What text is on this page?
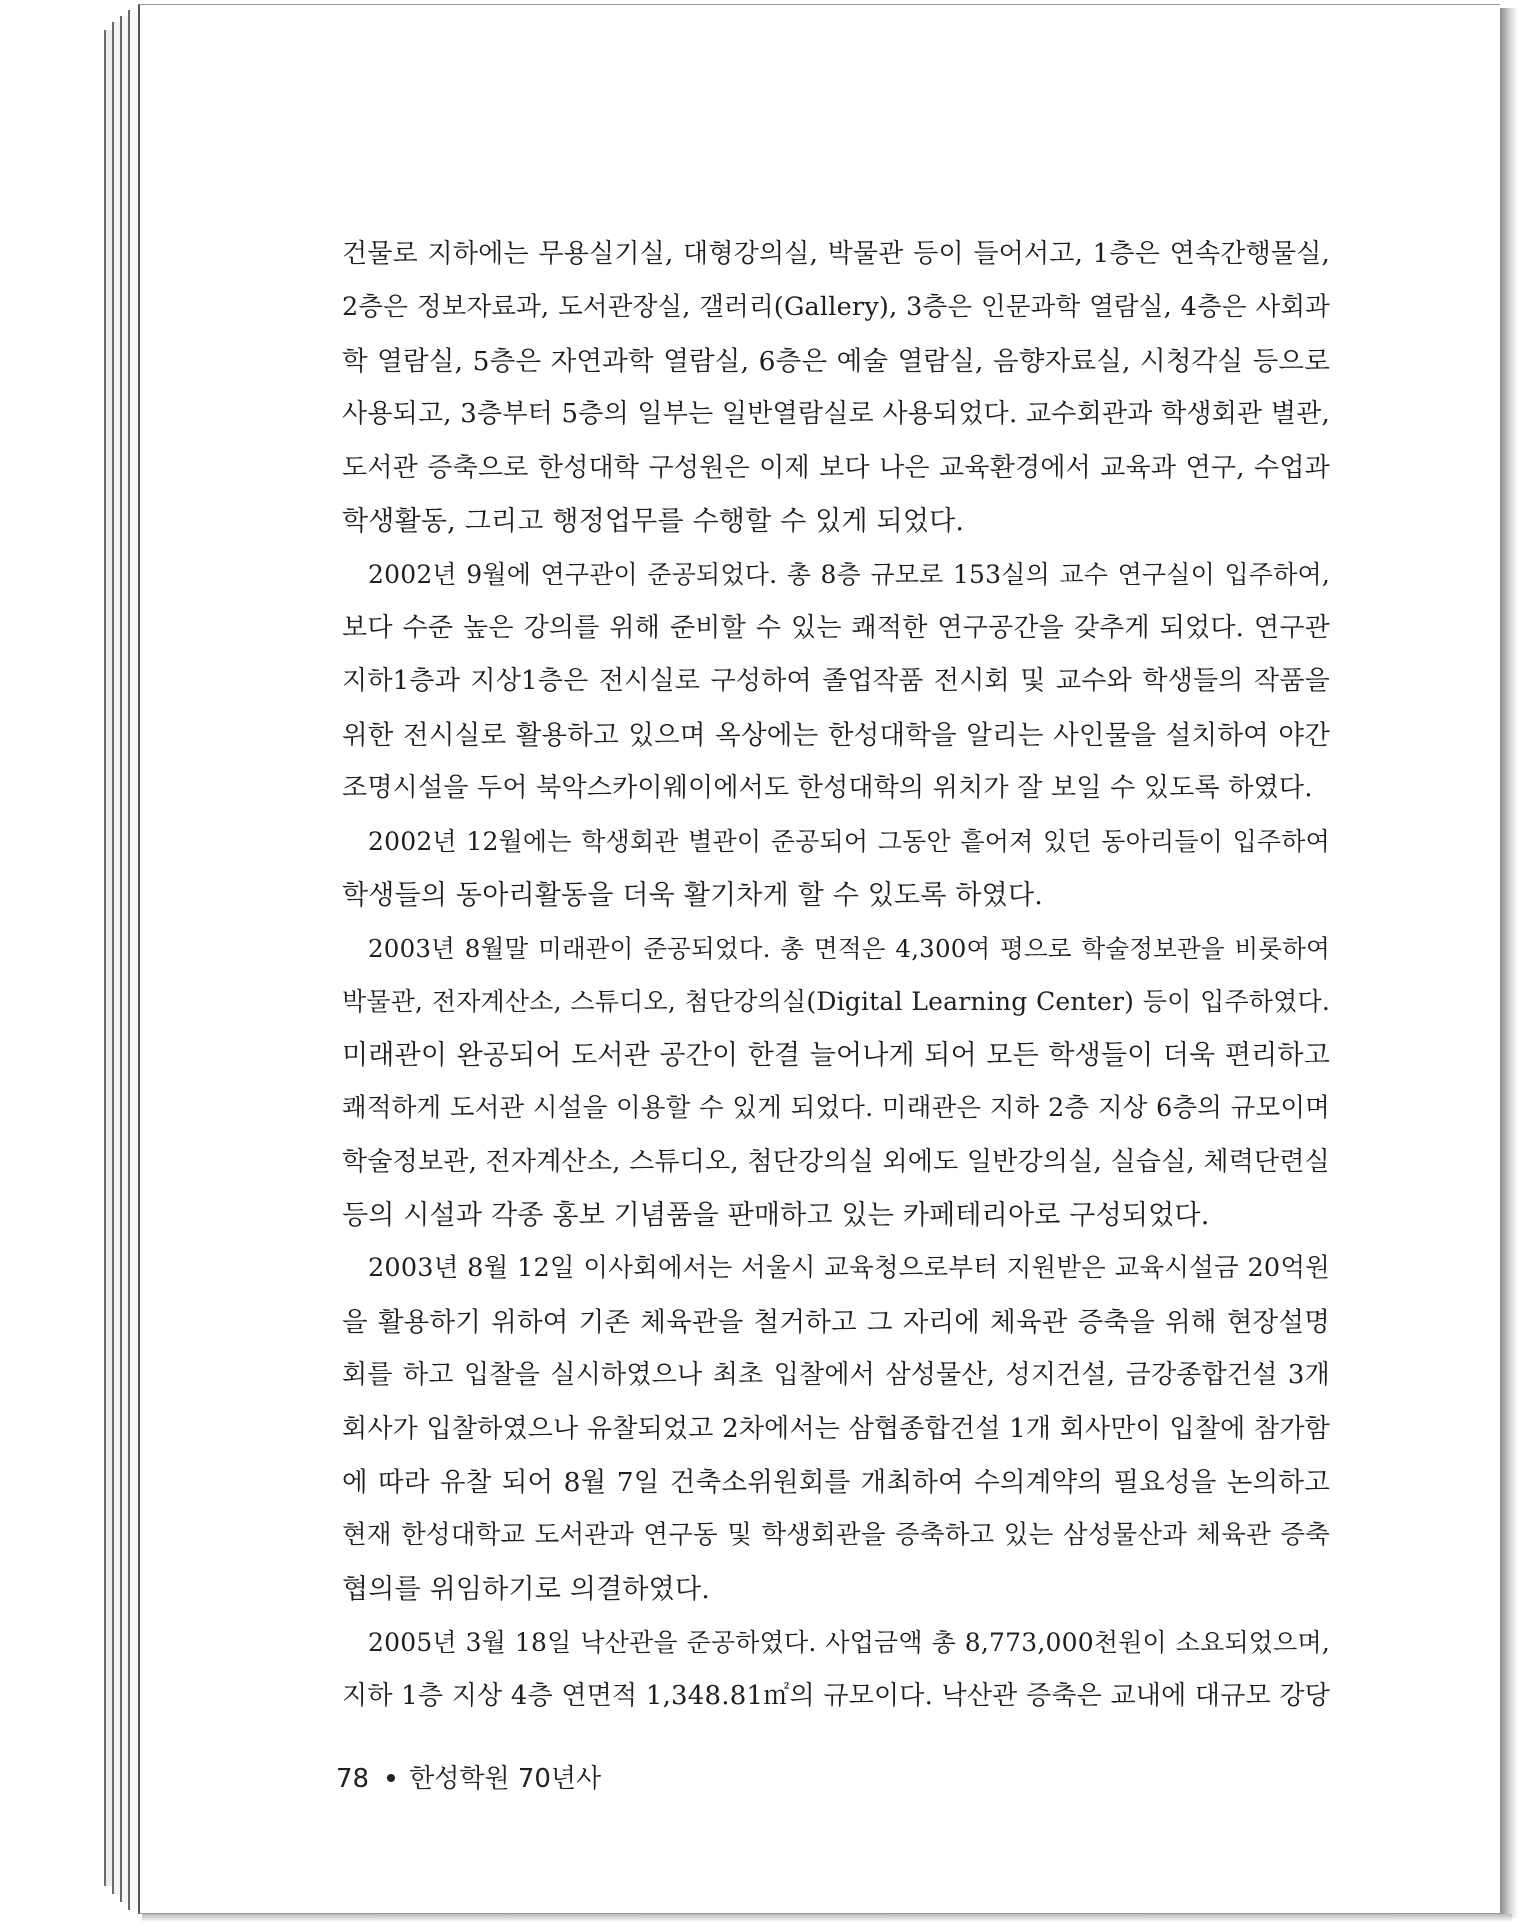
건물로 지하에는 무용실기실, 대형강의실, 박물관 등이 들어서고, 1층은 연속간행물실,
2층은 정보자료과, 도서관장실, 갤러리(Gallery), 3층은 인문과학 열람실, 4층은 사회과
학 열람실, 5층은 자연과학 열람실, 6층은 예술 열람실, 음향자료실, 시청각실 등으로
사용되고, 3층부터 5층의 일부는 일반열람실로 사용되었다. 교수회관과 학생회관 별관,
도서관 증축으로 한성대학 구성원은 이제 보다 나은 교육환경에서 교육과 연구, 수업과
학생활동, 그리고 행정업무를 수행할 수 있게 되었다.
2002년 9월에 연구관이 준공되었다. 총 8층 규모로 153실의 교수 연구실이 입주하여,
보다 수준 높은 강의를 위해 준비할 수 있는 쾌적한 연구공간을 갖추게 되었다. 연구관
지하1층과 지상1층은 전시실로 구성하여 졸업작품 전시회 및 교수와 학생들의 작품을
위한 전시실로 활용하고 있으며 옥상에는 한성대학을 알리는 사인물을 설치하여 야간
조명시설을 두어 북악스카이웨이에서도 한성대학의 위치가 잘 보일 수 있도록 하였다.
2002년 12월에는 학생회관 별관이 준공되어 그동안 흩어져 있던 동아리들이 입주하여
학생들의 동아리활동을 더욱 활기차게 할 수 있도록 하였다.
2003년 8월말 미래관이 준공되었다. 총 면적은 4,300여 평으로 학술정보관을 비롯하여
박물관, 전자계산소, 스튜디오, 첨단강의실(Digital Learning Center) 등이 입주하였다.
미래관이 완공되어 도서관 공간이 한결 늘어나게 되어 모든 학생들이 더욱 편리하고
쾌적하게 도서관 시설을 이용할 수 있게 되었다. 미래관은 지하 2층 지상 6층의 규모이며
학술정보관, 전자계산소, 스튜디오, 첨단강의실 외에도 일반강의실, 실습실, 체력단련실
등의 시설과 각종 홍보 기념품을 판매하고 있는 카페테리아로 구성되었다.
2003년 8월 12일 이사회에서는 서울시 교육청으로부터 지원받은 교육시설금 20억원
을 활용하기 위하여 기존 체육관을 철거하고 그 자리에 체육관 증축을 위해 현장설명
회를 하고 입찰을 실시하였으나 최초 입찰에서 삼성물산, 성지건설, 금강종합건설 3개
회사가 입찰하였으나 유찰되었고 2차에서는 삼협종합건설 1개 회사만이 입찰에 참가함
에 따라 유찰 되어 8월 7일 건축소위원회를 개최하여 수의계약의 필요성을 논의하고
현재 한성대학교 도서관과 연구동 및 학생회관을 증축하고 있는 삼성물산과 체육관 증축
협의를 위임하기로 의결하였다.
2005년 3월 18일 낙산관을 준공하였다. 사업금액 총 8,773,000천원이 소요되었으며,
지하 1층 지상 4층 연면적 1,348.81㎡의 규모이다. 낙산관 증축은 교내에 대규모 강당
78 한성학원 70년사
